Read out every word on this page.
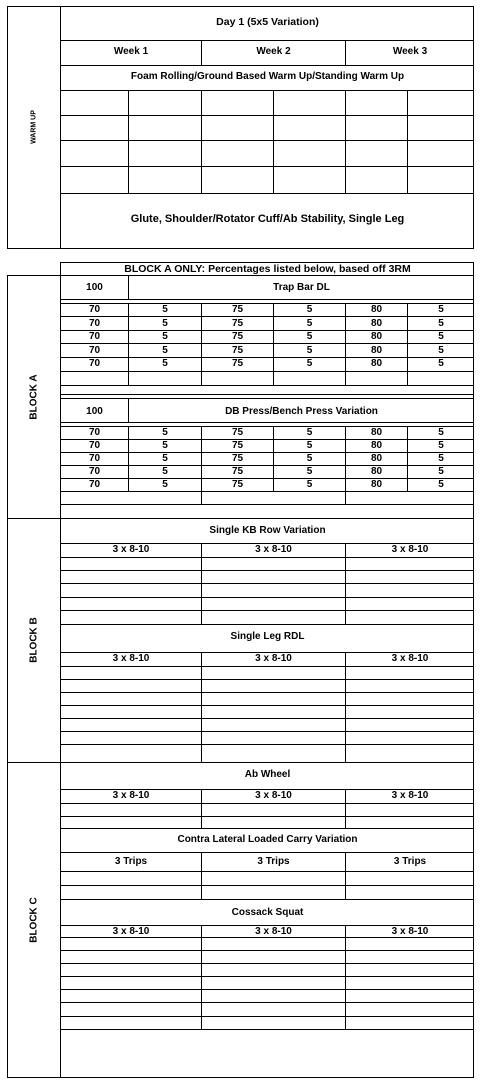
WARM UP
Day 1 (5x5 Variation)
Week 1	Week 2	Week 3
Foam Rolling/Ground Based Warm Up/Standing Warm Up
Glute, Shoulder/Rotator Cuff/Ab Stability, Single Leg
BLOCK A ONLY: Percentages listed below, based off 3RM
BLOCK A
BLOCK B
BLOCK C
100	Trap Bar DL
70	5	75	5	80	5
70	5	75	5	80	5
70	5	75	5	80	5
70	5	75	5	80	5
70	5	75	5	80	5
100	DB Press/Bench Press Variation
70	5	75	5	80	5
70	5	75	5	80	5
70	5	75	5	80	5
70	5	75	5	80	5
70	5	75	5	80	5
Single KB Row Variation
3 x 8-10	3 x 8-10	3 x 8-10
Single Leg RDL
3 x 8-10	3 x 8-10	3 x 8-10
Ab Wheel
3 x 8-10	3 x 8-10	3 x 8-10
Contra Lateral Loaded Carry Variation
3 Trips	3 Trips	3 Trips
Cossack Squat
3 x 8-10	3 x 8-10	3 x 8-10
